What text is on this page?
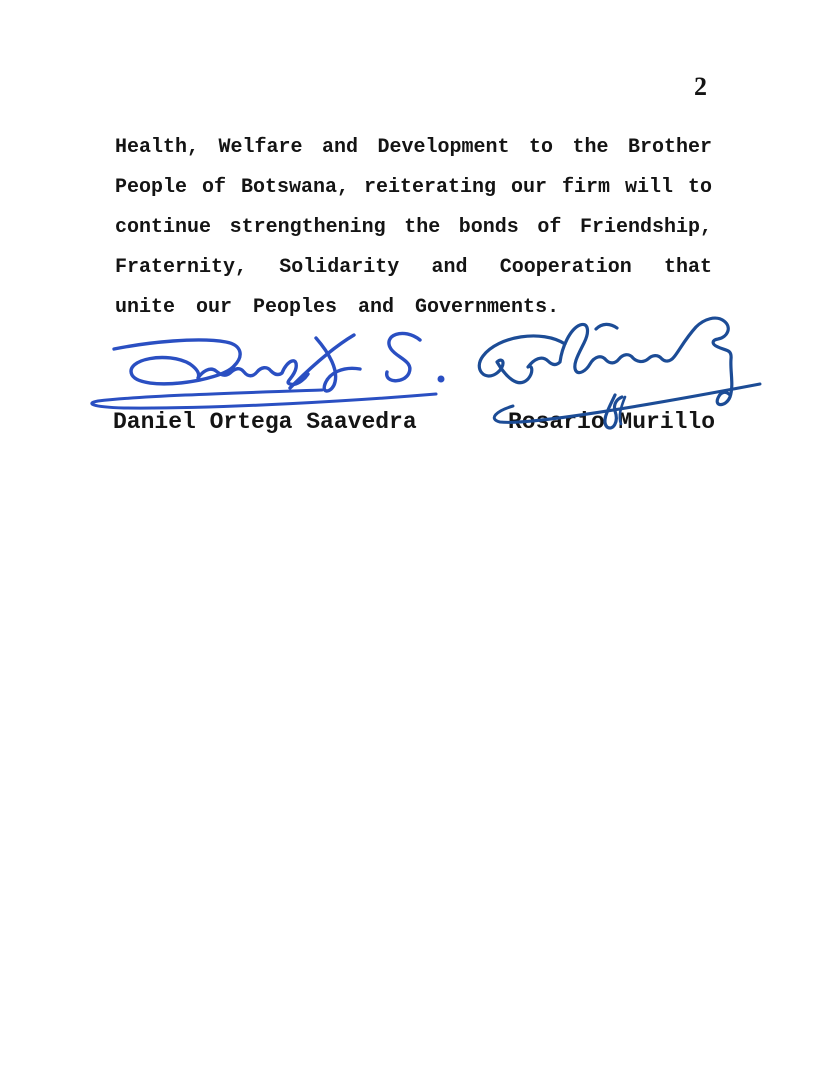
2
Health, Welfare and Development to the Brother
People of Botswana, reiterating our firm will to
continue strengthening the bonds of Friendship,
Fraternity, Solidarity and Cooperation that
unite our Peoples and Governments.
Daniel Ortega Saavedra	Rosario Murillo
